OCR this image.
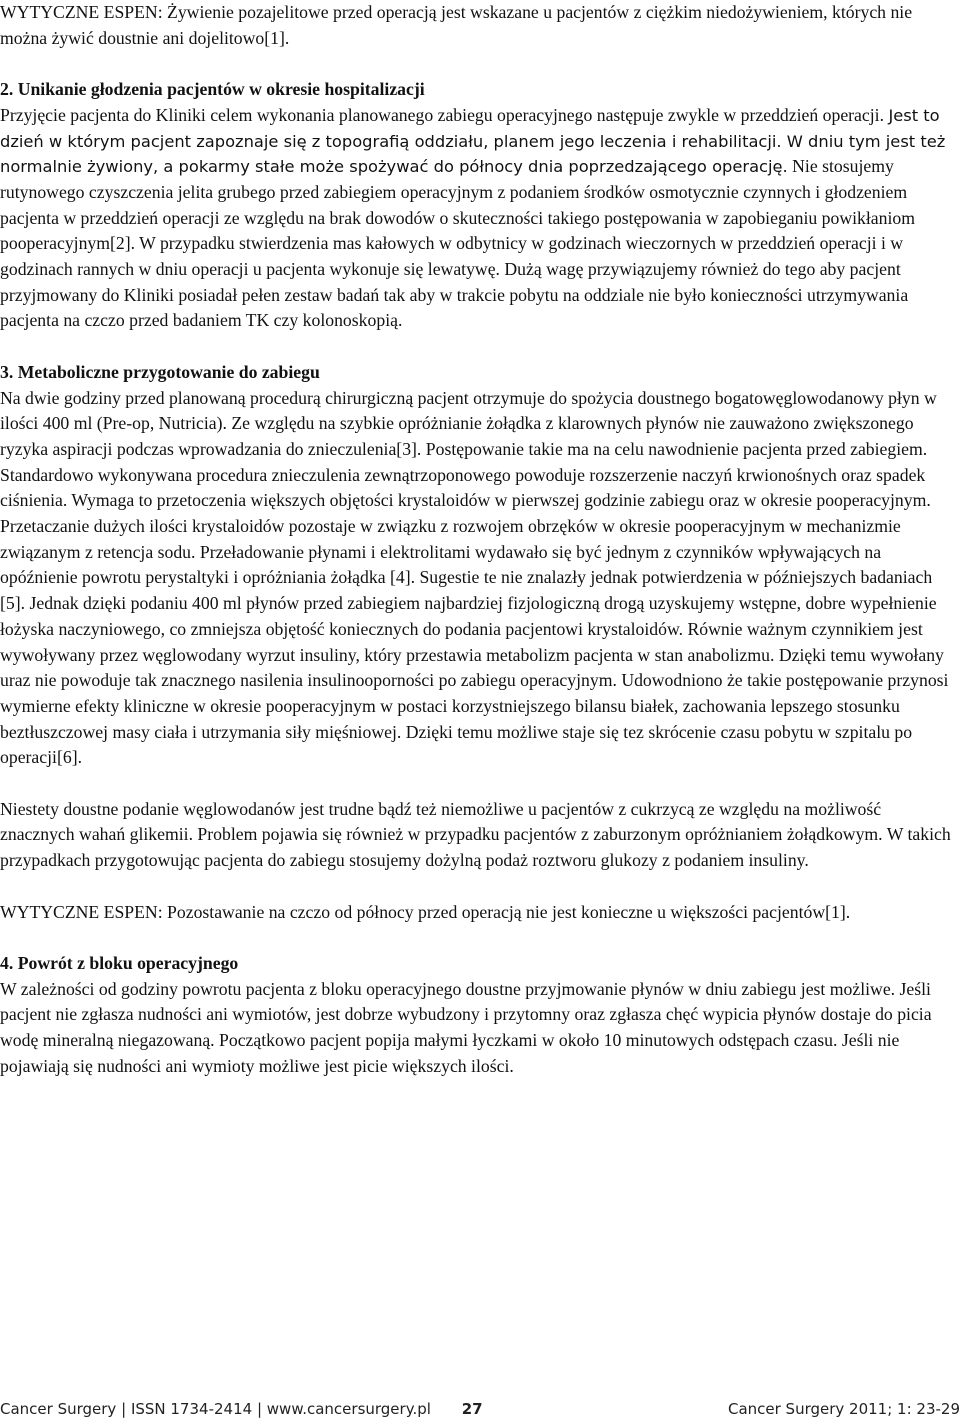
WYTYCZNE ESPEN: Żywienie pozajelitowe przed operacją jest wskazane u pacjentów z ciężkim niedożywieniem, których nie można żywić doustnie ani dojelitowo[1].
2. Unikanie głodzenia pacjentów w okresie hospitalizacji
Przyjęcie pacjenta do Kliniki celem wykonania planowanego zabiegu operacyjnego następuje zwykle w przeddzień operacji. Jest to dzień w którym pacjent zapoznaje się z topografią oddziału, planem jego leczenia i rehabilitacji. W dniu tym jest też normalnie żywiony, a pokarmy stałe może spożywać do północy dnia poprzedzającego operację. Nie stosujemy rutynowego czyszczenia jelita grubego przed zabiegiem operacyjnym z podaniem środków osmotycznie czynnych i głodzeniem pacjenta w przeddzień operacji ze względu na brak dowodów o skuteczności takiego postępowania w zapobieganiu powikłaniom pooperacyjnym[2]. W przypadku stwierdzenia mas kałowych w odbytnicy w godzinach wieczornych w przeddzień operacji i w godzinach rannych w dniu operacji u pacjenta wykonuje się lewatywę. Dużą wagę przywiązujemy również do tego aby pacjent przyjmowany do Kliniki posiadał pełen zestaw badań tak aby w trakcie pobytu na oddziale nie było konieczności utrzymywania pacjenta na czczo przed badaniem TK czy kolonoskopią.
3. Metaboliczne przygotowanie do zabiegu
Na dwie godziny przed planowaną procedurą chirurgiczną pacjent otrzymuje do spożycia doustnego bogatowęglowodanowy płyn w ilości 400 ml (Pre-op, Nutricia). Ze względu na szybkie opróżnianie żołądka z klarownych płynów nie zauważono zwiększonego ryzyka aspiracji podczas wprowadzania do znieczulenia[3]. Postępowanie takie ma na celu nawodnienie pacjenta przed zabiegiem. Standardowo wykonywana procedura znieczulenia zewnątrzoponowego powoduje rozszerzenie naczyń krwionośnych oraz spadek ciśnienia. Wymaga to przetoczenia większych objętości krystaloidów w pierwszej godzinie zabiegu oraz w okresie pooperacyjnym. Przetaczanie dużych ilości krystaloidów pozostaje w związku z rozwojem obrzęków w okresie pooperacyjnym w mechanizmie związanym z retencja sodu. Przeładowanie płynami i elektrolitami wydawało się być jednym z czynników wpływających na opóźnienie powrotu perystaltyki i opróżniania żołądka [4]. Sugestie te nie znalazły jednak potwierdzenia w późniejszych badaniach [5]. Jednak dzięki podaniu 400 ml płynów przed zabiegiem najbardziej fizjologiczną drogą uzyskujemy wstępne, dobre wypełnienie łożyska naczyniowego, co zmniejsza objętość koniecznych do podania pacjentowi krystaloidów. Równie ważnym czynnikiem jest wywoływany przez węglowodany wyrzut insuliny, który przestawia metabolizm pacjenta w stan anabolizmu. Dzięki temu wywołany uraz nie powoduje tak znacznego nasilenia insulinooporności po zabiegu operacyjnym. Udowodniono że takie postępowanie przynosi wymierne efekty kliniczne w okresie pooperacyjnym w postaci korzystniejszego bilansu białek, zachowania lepszego stosunku beztłuszczowej masy ciała i utrzymania siły mięśniowej. Dzięki temu możliwe staje się tez skrócenie czasu pobytu w szpitalu po operacji[6].
Niestety doustne podanie węglowodanów jest trudne bądź też niemożliwe u pacjentów z cukrzycą ze względu na możliwość znacznych wahań glikemii. Problem pojawia się również w przypadku pacjentów z zaburzonym opróżnianiem żołądkowym. W takich przypadkach przygotowując pacjenta do zabiegu stosujemy dożylną podaż roztworu glukozy z podaniem insuliny.
WYTYCZNE ESPEN: Pozostawanie na czczo od północy przed operacją nie jest konieczne u większości pacjentów[1].
4. Powrót z bloku operacyjnego
W zależności od godziny powrotu pacjenta z bloku operacyjnego doustne przyjmowanie płynów w dniu zabiegu jest możliwe. Jeśli pacjent nie zgłasza nudności ani wymiotów, jest dobrze wybudzony i przytomny oraz zgłasza chęć wypicia płynów dostaje do picia wodę mineralną niegazowaną. Początkowo pacjent popija małymi łyczkami w około 10 minutowych odstępach czasu. Jeśli nie pojawiają się nudności ani wymioty możliwe jest picie większych ilości.
Cancer Surgery | ISSN 1734-2414 | www.cancersurgery.pl 27	Cancer Surgery 2011; 1: 23-29
